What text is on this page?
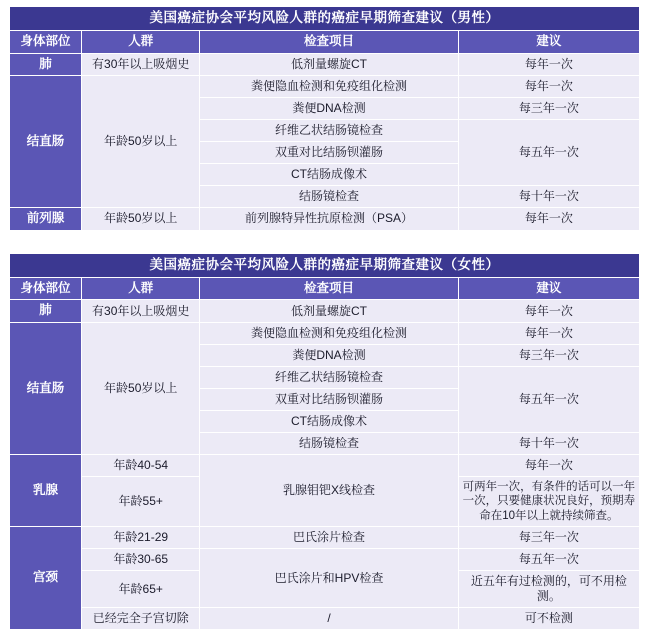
美国癌症协会平均风险人群的癌症早期筛查建议（男性）			
身体部位	人群	检查项目	建议
肺	有30年以上吸烟史	低剂量螺旋CT	每年一次
结直肠	年龄50岁以上	粪便隐血检测和免疫组化检测	每年一次
		粪便DNA检测	每三年一次
		纤维乙状结肠镜检查	每五年一次
		双重对比结肠钡灌肠	
		CT结肠成像术	
		结肠镜检查	每十年一次
前列腺	年龄50岁以上	前列腺特异性抗原检测（PSA）	每年一次
美国癌症协会平均风险人群的癌症早期筛查建议（女性）			
身体部位	人群	检查项目	建议
肺	有30年以上吸烟史	低剂量螺旋CT	每年一次
结直肠	年龄50岁以上	粪便隐血检测和免疫组化检测	每年一次
		粪便DNA检测	每三年一次
		纤维乙状结肠镜检查	每五年一次
		双重对比结肠钡灌肠	
		CT结肠成像术	
		结肠镜检查	每十年一次
乳腺	年龄40-54	乳腺钼钯X线检查	每年一次
	年龄55+		可两年一次，有条件的话可以一年一次，只要健康状况良好，预期寿命在10年以上就持续筛查。
宫颈	年龄21-29	巴氏涂片检查	每三年一次
	年龄30-65	巴氏涂片和HPV检查	每五年一次
	年龄65+		近五年有过检测的，可不用检测。
	已经完全子宫切除	/	可不检测
